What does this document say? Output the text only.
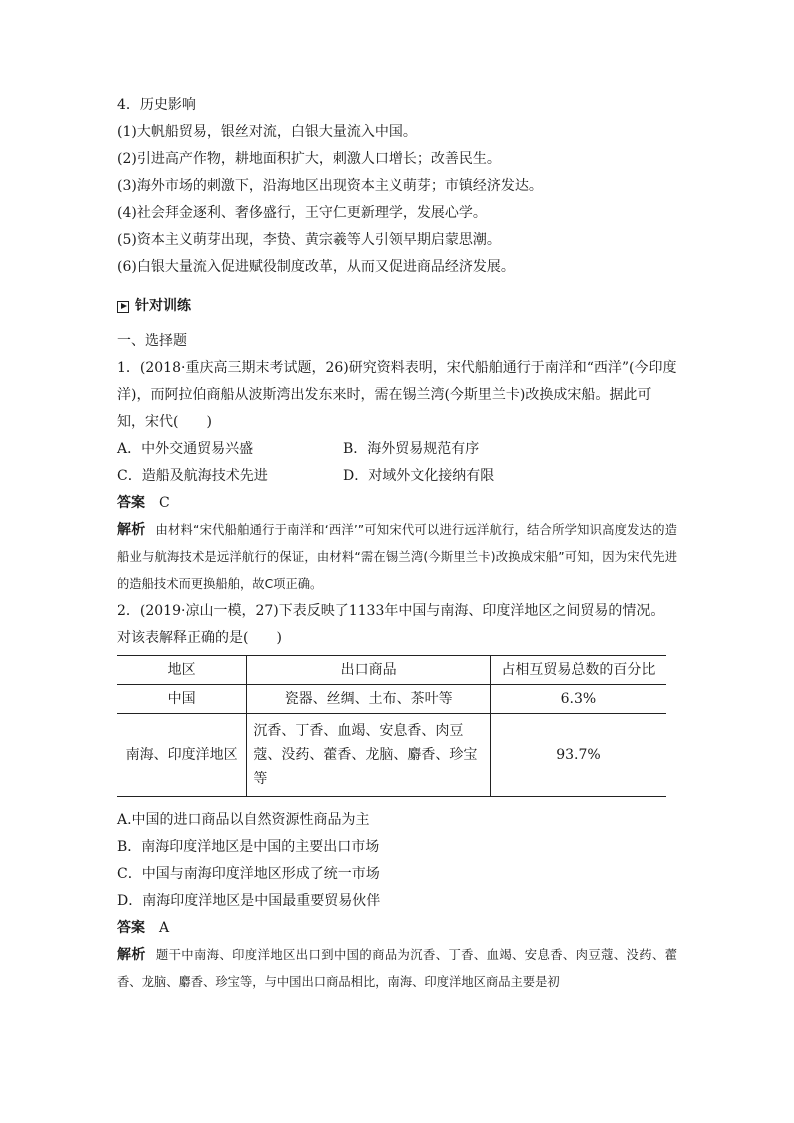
4．历史影响
(1)大帆船贸易，银丝对流，白银大量流入中国。
(2)引进高产作物，耕地面积扩大，刺激人口增长；改善民生。
(3)海外市场的刺激下，沿海地区出现资本主义萌芽；市镇经济发达。
(4)社会拜金逐利、奢侈盛行，王守仁更新理学，发展心学。
(5)资本主义萌芽出现，李贽、黄宗羲等人引领早期启蒙思潮。
(6)白银大量流入促进赋役制度改革，从而又促进商品经济发展。
针对训练
一、选择题
1．(2018·重庆高三期末考试题，26)研究资料表明，宋代船舶通行于南洋和“西洋”(今印度洋)，而阿拉伯商船从波斯湾出发东来时，需在锡兰湾(今斯里兰卡)改换成宋船。据此可知，宋代(　　)
A．中外交通贸易兴盛	B．海外贸易规范有序
C．造船及航海技术先进	D．对域外文化接纳有限
答案 C
解析 由材料“宋代船舶通行于南洋和‘西洋’”可知宋代可以进行远洋航行，结合所学知识高度发达的造船业与航海技术是远洋航行的保证，由材料“需在锡兰湾(今斯里兰卡)改换成宋船”可知，因为宋代先进的造船技术而更换船舶，故C项正确。
2．(2019·凉山一模，27)下表反映了1133年中国与南海、印度洋地区之间贸易的情况。对该表解释正确的是(　　)
地区	出口商品	占相互贸易总数的百分比
中国	瓷器、丝绸、土布、茶叶等	6.3%
南海、印度洋地区	沉香、丁香、血竭、安息香、肉豆蔻、没药、藿香、龙脑、麝香、珍宝等	93.7%
A.中国的进口商品以自然资源性商品为主
B．南海印度洋地区是中国的主要出口市场
C．中国与南海印度洋地区形成了统一市场
D．南海印度洋地区是中国最重要贸易伙伴
答案 A
解析 题干中南海、印度洋地区出口到中国的商品为沉香、丁香、血竭、安息香、肉豆蔻、没药、藿香、龙脑、麝香、珍宝等，与中国出口商品相比，南海、印度洋地区商品主要是初
